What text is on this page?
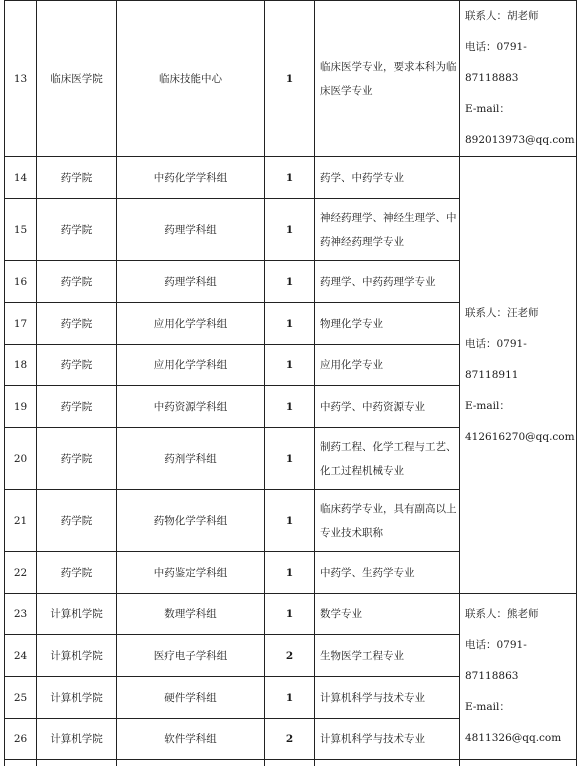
13	临床医学院	临床技能中心	1	临床医学专业，要求本科为临
床医学专业	联系人：胡老师
电话：0791-87118883
E-mail：892013973@qq.com

14	药学院	中药化学学科组	1	药学、中药学专业	联系人：汪老师
电话：0791-87118911
E-mail：412616270@qq.com

15	药学院	药理学科组	1	神经药理学、神经生理学、中
药神经药理学专业	
16	药学院	药理学科组	1	药理学、中药药理学专业	
17	药学院	应用化学学科组	1	物理化学专业	
18	药学院	应用化学学科组	1	应用化学专业	
19	药学院	中药资源学科组	1	中药学、中药资源专业	
20	药学院	药剂学科组	1	制药工程、化学工程与工艺、
化工过程机械专业	
21	药学院	药物化学学科组	1	临床药学专业，具有副高以上
专业技术职称	
22	药学院	中药鉴定学科组	1	中药学、生药学专业	
23	计算机学院	数理学科组	1	数学专业	联系人：熊老师
电话：0791-87118863
E-mail：4811326@qq.com

24	计算机学院	医疗电子学科组	2	生物医学工程专业	
25	计算机学院	硬件学科组	1	计算机科学与技术专业	
26	计算机学院	软件学科组	2	计算机科学与技术专业	
